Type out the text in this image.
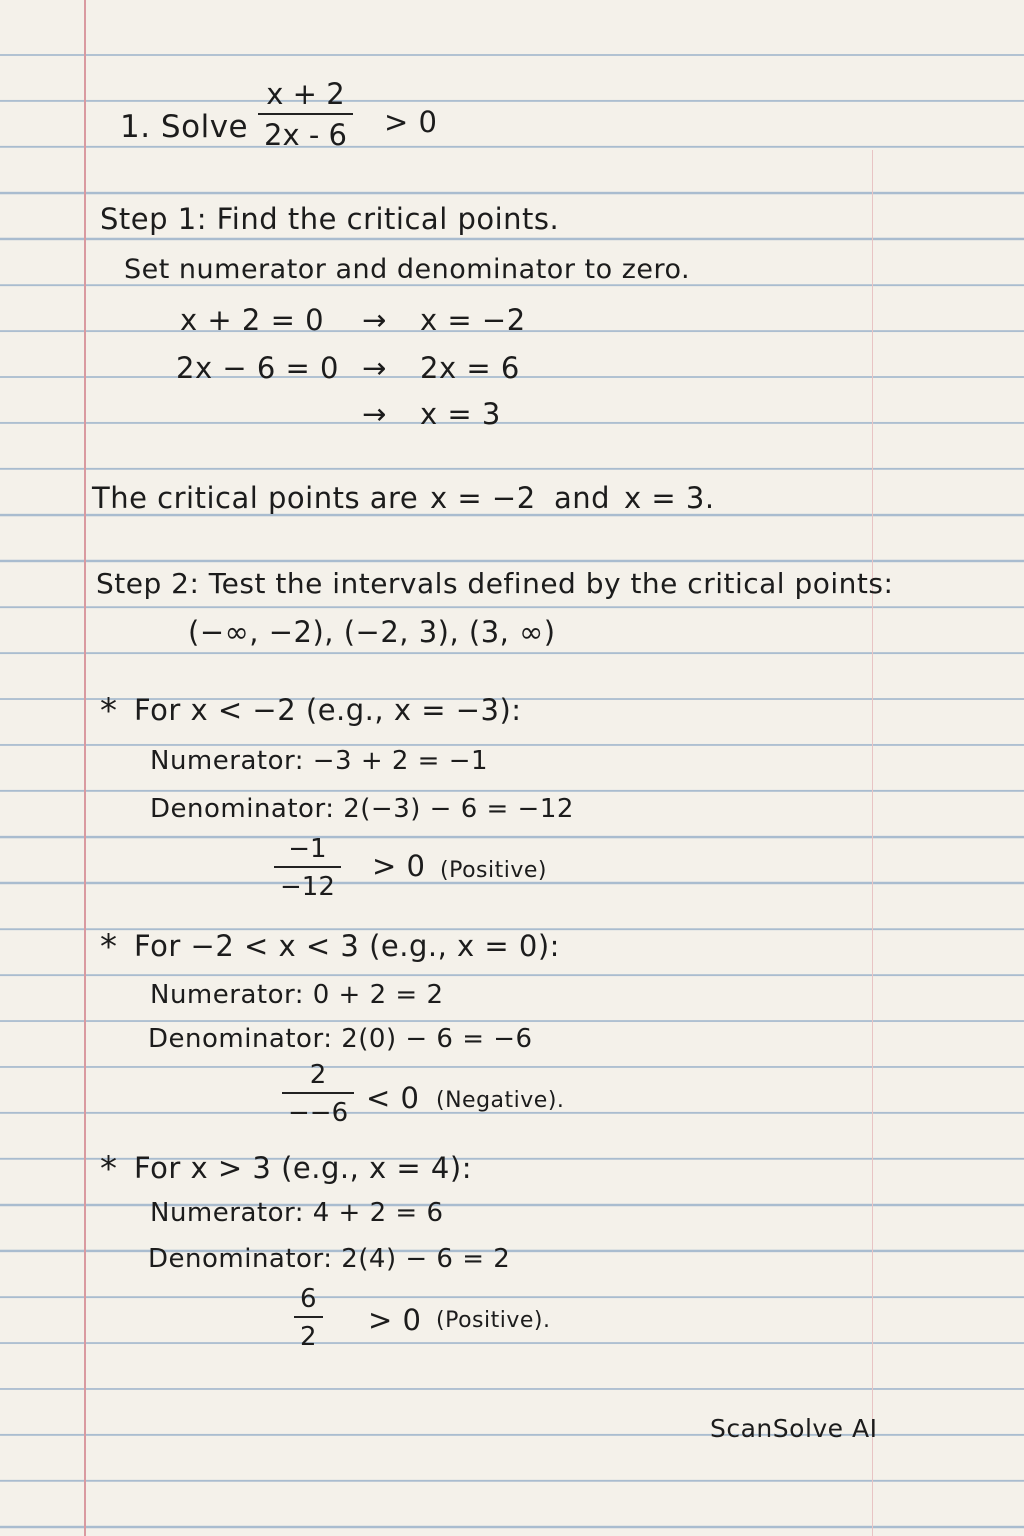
1. Solve
x + 2
2x - 6 > 0
Step 1: Find the critical points.
Set numerator and denominator to zero.
x + 2 = 0 → x = −2
2x − 6 = 0 → 2x = 6
→ x = 3
The critical points are x = −2 and x = 3.
Step 2: Test the intervals defined by the critical points:
(−∞, −2), (−2, 3), (3, ∞)
* For x < −2 (e.g., x = −3):
Numerator: −3 + 2 = −1
Denominator: 2(−3) − 6 = −12
−1
−12
> 0 (Positive)
* For −2 < x < 3 (e.g., x = 0):
Numerator: 0 + 2 = 2
Denominator: 2(0) − 6 = −6
2
−−6 < 0 (Negative).
* For x > 3 (e.g., x = 4):
Numerator: 4 + 2 = 6
Denominator: 2(4) − 6 = 2
6
2 > 0 (Positive).
ScanSolve AI
